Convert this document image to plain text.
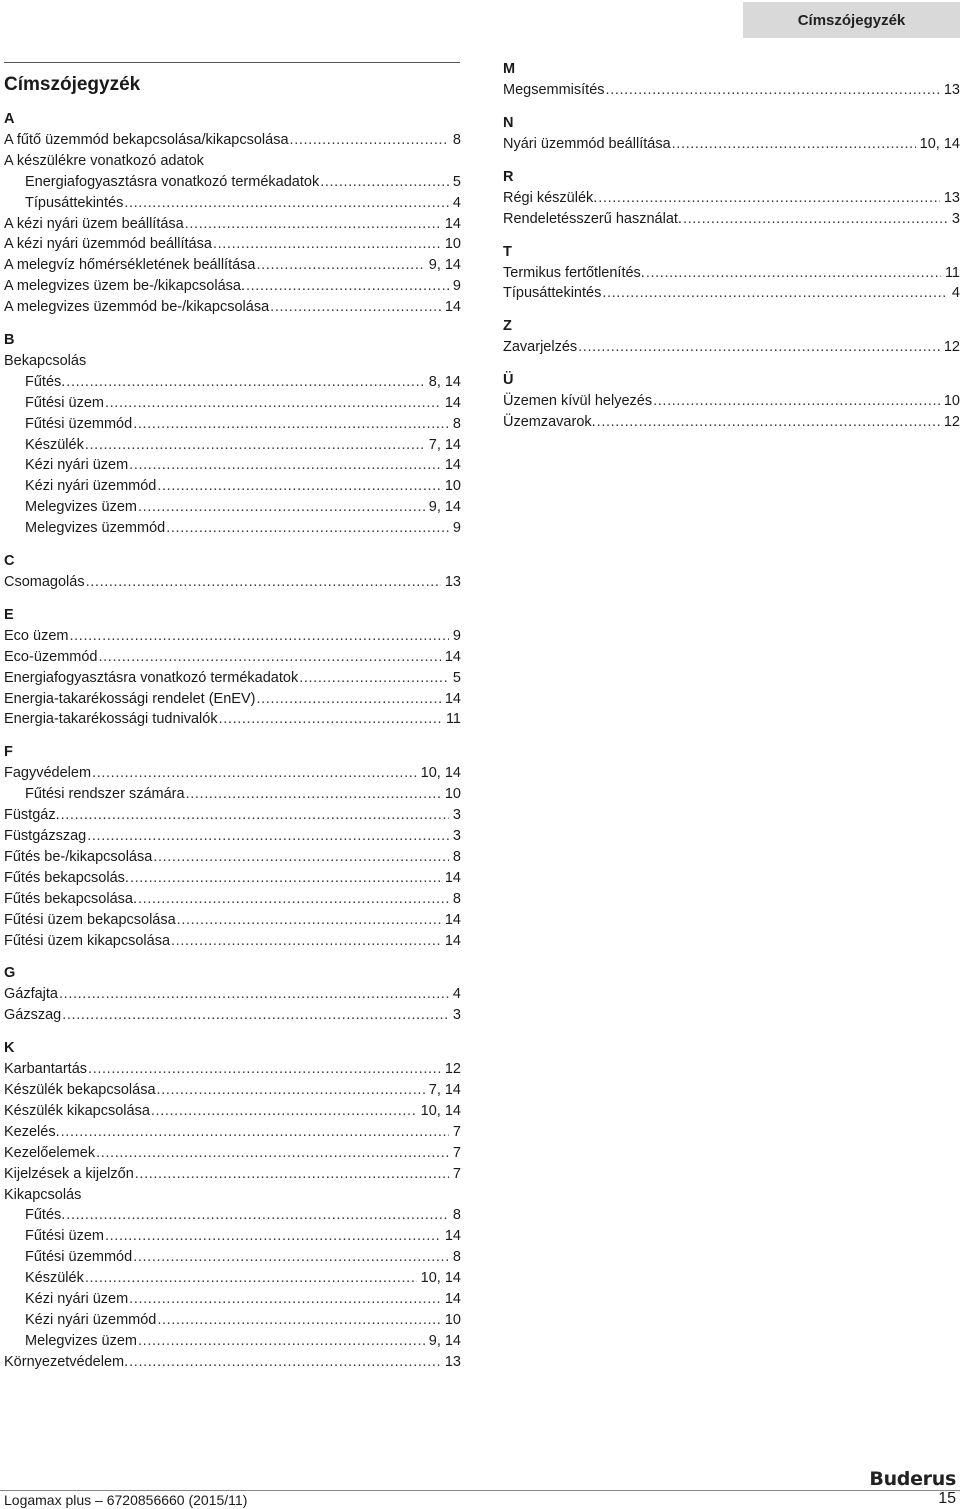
Címszójegyzék
Címszójegyzék
A
A fűtő üzemmód bekapcsolása/kikapcsolása . . .	8
A készülékre vonatkozó adatok
Energiafogyasztásra vonatkozó termékadatok . . .	5
Típusáttekintés . . .	4
A kézi nyári üzem beállítása . . .	14
A kézi nyári üzemmód beállítása . . .	10
A melegvíz hőmérsékletének beállítása . . .	9, 14
A melegvizes üzem be-/kikapcsolása. . . .	9
A melegvizes üzemmód be-/kikapcsolása . . .	14
B
Bekapcsolás
Fűtés. . . .	8, 14
Fűtési üzem . . .	14
Fűtési üzemmód . . .	8
Készülék . . .	7, 14
Kézi nyári üzem . . .	14
Kézi nyári üzemmód . . .	10
Melegvizes üzem . . .	9, 14
Melegvizes üzemmód . . .	9
C
Csomagolás . . .	13
E
Eco üzem . . .	9
Eco-üzemmód . . .	14
Energiafogyasztásra vonatkozó termékadatok . . .	5
Energia-takarékossági rendelet (EnEV) . . .	14
Energia-takarékossági tudnivalók . . .	11
F
Fagyvédelem . . .	10, 14
Fűtési rendszer számára . . .	10
Füstgáz. . . .	3
Füstgázszag . . .	3
Fűtés be-/kikapcsolása . . .	8
Fűtés bekapcsolás. . . .	14
Fűtés bekapcsolása. . . .	8
Fűtési üzem bekapcsolása . . .	14
Fűtési üzem kikapcsolása . . .	14
G
Gázfajta . . .	4
Gázszag . . .	3
K
Karbantartás . . .	12
Készülék bekapcsolása . . .	7, 14
Készülék kikapcsolása . . .	10, 14
Kezelés. . . .	7
Kezelőelemek . . .	7
Kijelzések a kijelzőn . . .	7
Kikapcsolás
Fűtés. . . .	8
Fűtési üzem . . .	14
Fűtési üzemmód . . .	8
Készülék . . .	10, 14
Kézi nyári üzem . . .	14
Kézi nyári üzemmód . . .	10
Melegvizes üzem . . .	9, 14
Környezetvédelem. . . .	13
M
Megsemmisítés . . .	13
N
Nyári üzemmód beállítása . . .	10, 14
R
Régi készülék. . . .	13
Rendeletésszerű használat. . . .	3
T
Termikus fertőtlenítés. . . .	11
Típusáttekintés . . .	4
Z
Zavarjelzés . . .	12
Ü
Üzemen kívül helyezés . . .	10
Üzemzavarok. . . .	12
Buderus
Logamax plus – 6720856660 (2015/11)	15
